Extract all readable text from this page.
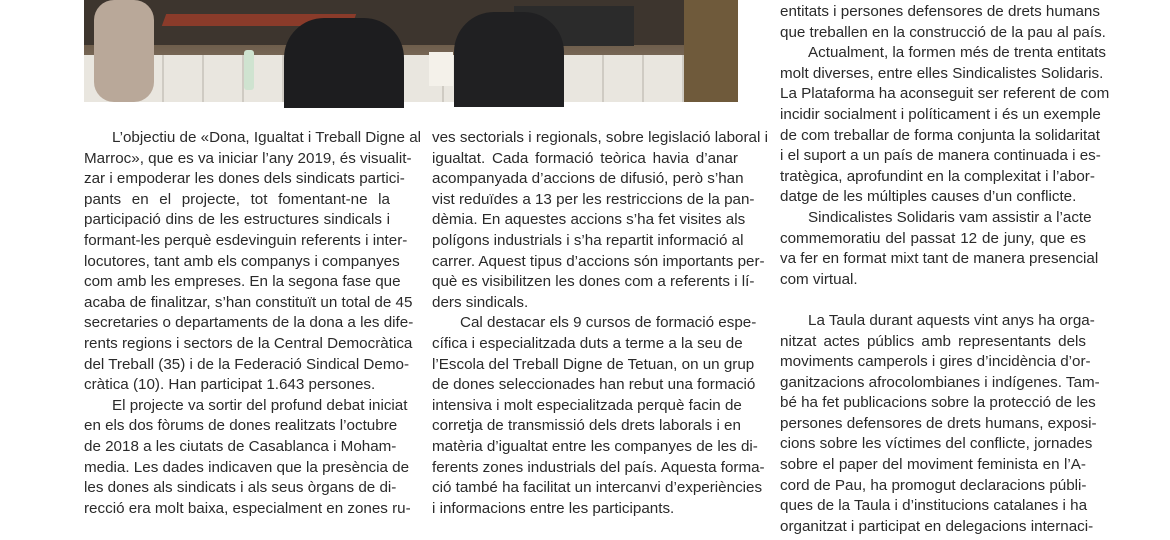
L’objectiu de «Dona, Igualtat i Treball Digne al
Marroc», que es va iniciar l’any 2019, és visualit-
zar i empoderar les dones dels sindicats partici-
pants en el projecte, tot fomentant-ne la
participació dins de les estructures sindicals i
formant-les perquè esdevinguin referents i inter-
locutores, tant amb els companys i companyes
com amb les empreses. En la segona fase que
acaba de finalitzar, s’han constituït un total de 45
secretaries o departaments de la dona a les dife-
rents regions i sectors de la Central Democràtica
del Treball (35) i de la Federació Sindical Demo-
cràtica (10). Han participat 1.643 persones.
El projecte va sortir del profund debat iniciat
en els dos fòrums de dones realitzats l’octubre
de 2018 a les ciutats de Casablanca i Moham-
media. Les dades indicaven que la presència de
les dones als sindicats i als seus òrgans de di-
recció era molt baixa, especialment en zones ru-
ves sectorials i regionals, sobre legislació laboral i
igualtat. Cada formació teòrica havia d’anar
acompanyada d’accions de difusió, però s’han
vist reduïdes a 13 per les restriccions de la pan-
dèmia. En aquestes accions s’ha fet visites als
polígons industrials i s’ha repartit informació al
carrer. Aquest tipus d’accions són importants per-
què es visibilitzen les dones com a referents i lí-
ders sindicals.
Cal destacar els 9 cursos de formació espe-
cífica i especialitzada duts a terme a la seu de
l’Escola del Treball Digne de Tetuan, on un grup
de dones seleccionades han rebut una formació
intensiva i molt especialitzada perquè facin de
corretja de transmissió dels drets laborals i en
matèria d’igualtat entre les companyes de les di-
ferents zones industrials del país. Aquesta forma-
ció també ha facilitat un intercanvi d’experiències
i informacions entre les participants.
entitats i persones defensores de drets humans
que treballen en la construcció de la pau al país.
Actualment, la formen més de trenta entitats
molt diverses, entre elles Sindicalistes Solidaris.
La Plataforma ha aconseguit ser referent de com
incidir socialment i políticament i és un exemple
de com treballar de forma conjunta la solidaritat
i el suport a un país de manera continuada i es-
tratègica, aprofundint en la complexitat i l’abor-
datge de les múltiples causes d’un conflicte.
Sindicalistes Solidaris vam assistir a l’acte
commemoratiu del passat 12 de juny, que es
va fer en format mixt tant de manera presencial
com virtual.
La Taula durant aquests vint anys ha orga-
nitzat actes públics amb representants dels
moviments camperols i gires d’incidència d’or-
ganitzacions afrocolombianes i indígenes. Tam-
bé ha fet publicacions sobre la protecció de les
persones defensores de drets humans, exposi-
cions sobre les víctimes del conflicte, jornades
sobre el paper del moviment feminista en l’A-
cord de Pau, ha promogut declaracions públi-
ques de la Taula i d’institucions catalanes i ha
organitzat i participat en delegacions internaci-
